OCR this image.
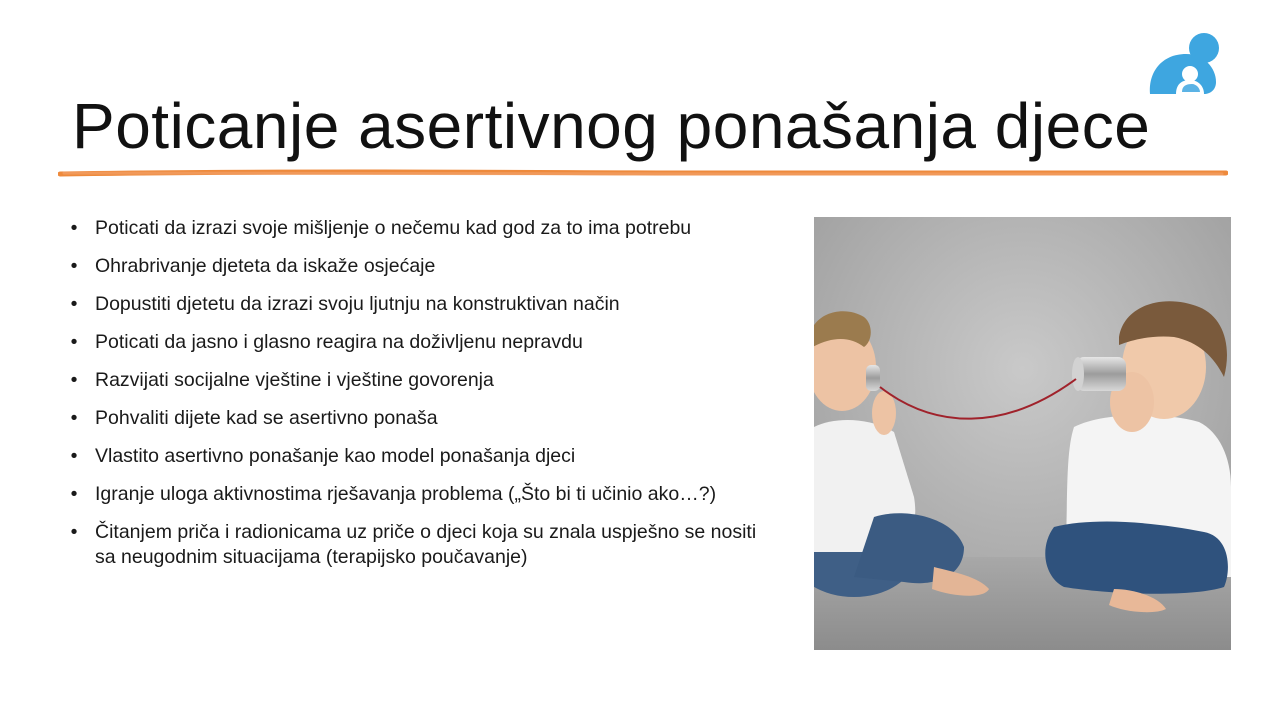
Poticanje asertivnog ponašanja djece
• Poticati da izrazi svoje mišljenje o nečemu kad god za to ima potrebu
• Ohrabrivanje djeteta da iskaže osjećaje
• Dopustiti djetetu da izrazi svoju ljutnju na konstruktivan način
• Poticati da jasno i glasno reagira na doživljenu nepravdu
• Razvijati socijalne vještine i vještine govorenja
• Pohvaliti dijete kad se asertivno ponaša
• Vlastito asertivno ponašanje kao model ponašanja djeci
• Igranje uloga aktivnostima rješavanja problema („Što bi ti učinio ako…?)
• Čitanjem priča i radionicama uz priče o djeci koja su znala uspješno se nositi sa neugodnim situacijama (terapijsko poučavanje)
